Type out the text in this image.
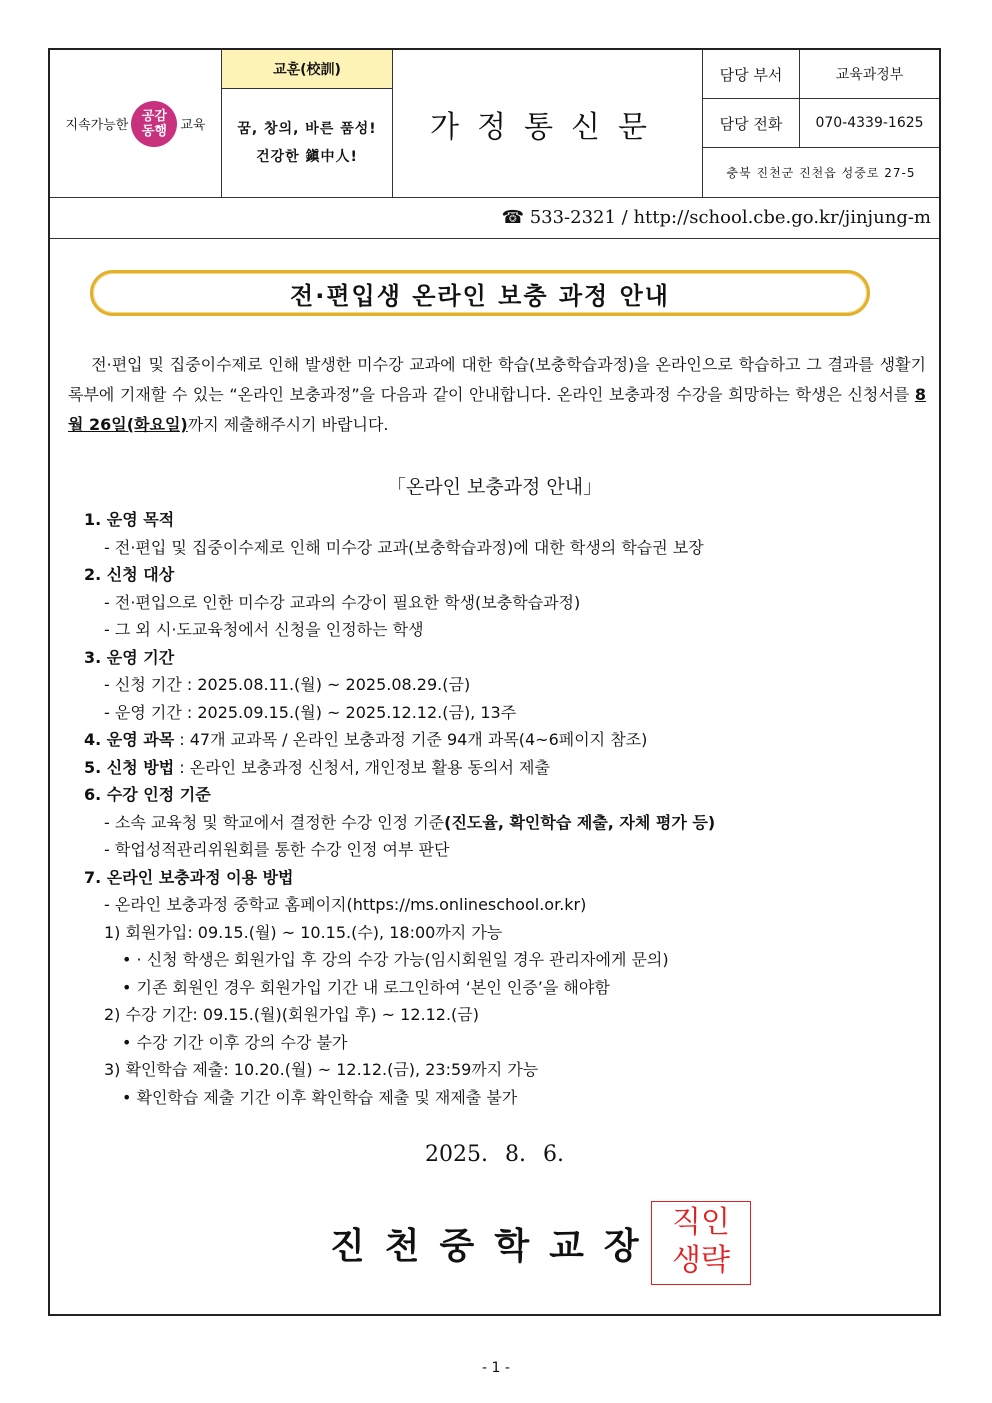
지속가능한
공감
동행 교육
교훈(校訓)
꿈, 창의, 바른 품성!
건강한 鎭中人!
가정통신문
담당 부서	교육과정부
담당 전화	070-4339-1625
충북 진천군 진천읍 성중로 27-5
☎ 533-2321 / http://school.cbe.go.kr/jinjung-m
전·편입생 온라인 보충 과정 안내
전·편입 및 집중이수제로 인해 발생한 미수강 교과에 대한 학습(보충학습과정)을 온라인으로 학습하고 그 결과를 생활기록부에 기재할 수 있는 “온라인 보충과정”을 다음과 같이 안내합니다. 온라인 보충과정 수강을 희망하는 학생은 신청서를 8월 26일(화요일)까지 제출해주시기 바랍니다.
「온라인 보충과정 안내」
1. 운영 목적
- 전·편입 및 집중이수제로 인해 미수강 교과(보충학습과정)에 대한 학생의 학습권 보장
2. 신청 대상
- 전·편입으로 인한 미수강 교과의 수강이 필요한 학생(보충학습과정)
- 그 외 시·도교육청에서 신청을 인정하는 학생
3. 운영 기간
- 신청 기간 : 2025.08.11.(월) ~ 2025.08.29.(금)
- 운영 기간 : 2025.09.15.(월) ~ 2025.12.12.(금), 13주
4. 운영 과목 : 47개 교과목 / 온라인 보충과정 기준 94개 과목(4~6페이지 참조)
5. 신청 방법 : 온라인 보충과정 신청서, 개인정보 활용 동의서 제출
6. 수강 인정 기준
- 소속 교육청 및 학교에서 결정한 수강 인정 기준(진도율, 확인학습 제출, 자체 평가 등)
- 학업성적관리위원회를 통한 수강 인정 여부 판단
7. 온라인 보충과정 이용 방법
- 온라인 보충과정 중학교 홈페이지(https://ms.onlineschool.or.kr)
1) 회원가입: 09.15.(월) ~ 10.15.(수), 18:00까지 가능
• · 신청 학생은 회원가입 후 강의 수강 가능(임시회원일 경우 관리자에게 문의)
• 기존 회원인 경우 회원가입 기간 내 로그인하여 ‘본인 인증’을 해야함
2) 수강 기간: 09.15.(월)(회원가입 후) ~ 12.12.(금)
• 수강 기간 이후 강의 수강 불가
3) 확인학습 제출: 10.20.(월) ~ 12.12.(금), 23:59까지 가능
• 확인학습 제출 기간 이후 확인학습 제출 및 재제출 불가
2025. 8. 6.
진천중학교장
직인
생략
- 1 -
